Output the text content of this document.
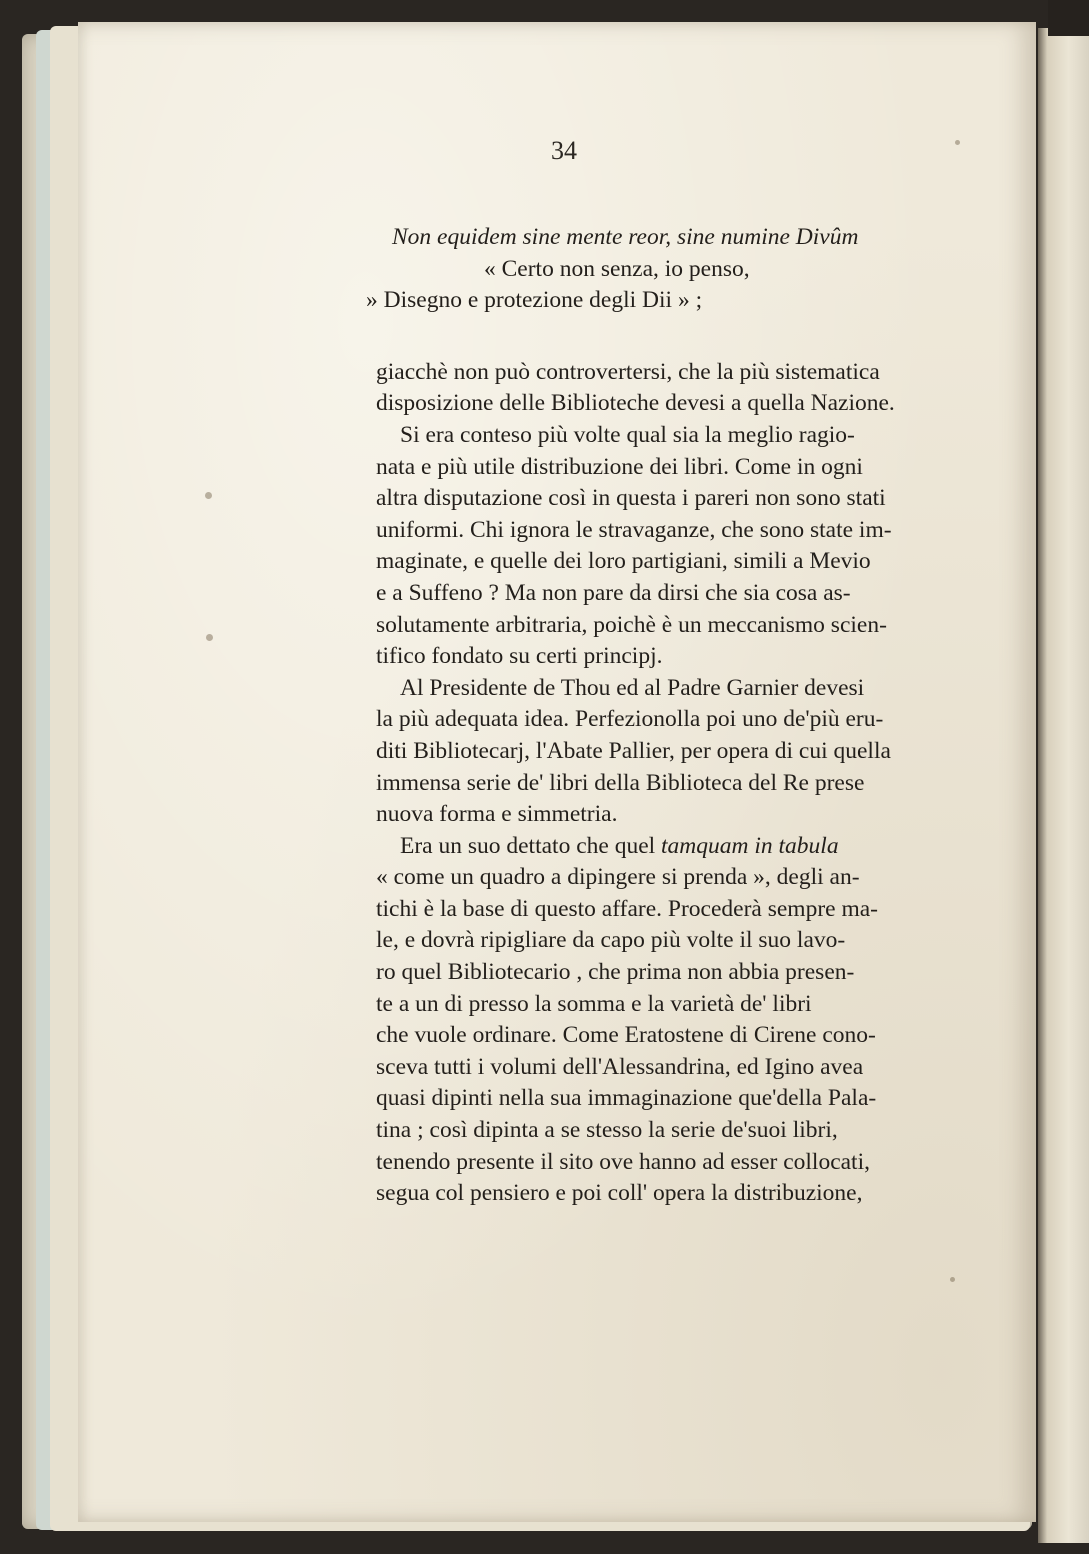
34
Non equidem sine mente reor, sine numine Divûm
« Certo non senza, io penso,
» Disegno e protezione degli Dii » ;
giacchè non può controvertersi, che la più sistematica
disposizione delle Biblioteche devesi a quella Nazione.
Si era conteso più volte qual sia la meglio ragio-
nata e più utile distribuzione dei libri. Come in ogni
altra disputazione così in questa i pareri non sono stati
uniformi. Chi ignora le stravaganze, che sono state im-
maginate, e quelle dei loro partigiani, simili a Mevio
e a Suffeno ? Ma non pare da dirsi che sia cosa as-
solutamente arbitraria, poichè è un meccanismo scien-
tifico fondato su certi principj.
Al Presidente de Thou ed al Padre Garnier devesi
la più adequata idea. Perfezionolla poi uno de'più eru-
diti Bibliotecarj, l'Abate Pallier, per opera di cui quella
immensa serie de' libri della Biblioteca del Re prese
nuova forma e simmetria.
Era un suo dettato che quel tamquam in tabula
« come un quadro a dipingere si prenda », degli an-
tichi è la base di questo affare. Procederà sempre ma-
le, e dovrà ripigliare da capo più volte il suo lavo-
ro quel Bibliotecario , che prima non abbia presen-
te a un di presso la somma e la varietà de' libri
che vuole ordinare. Come Eratostene di Cirene cono-
sceva tutti i volumi dell'Alessandrina, ed Igino avea
quasi dipinti nella sua immaginazione que'della Pala-
tina ; così dipinta a se stesso la serie de'suoi libri,
tenendo presente il sito ove hanno ad esser collocati,
segua col pensiero e poi coll' opera la distribuzione,
